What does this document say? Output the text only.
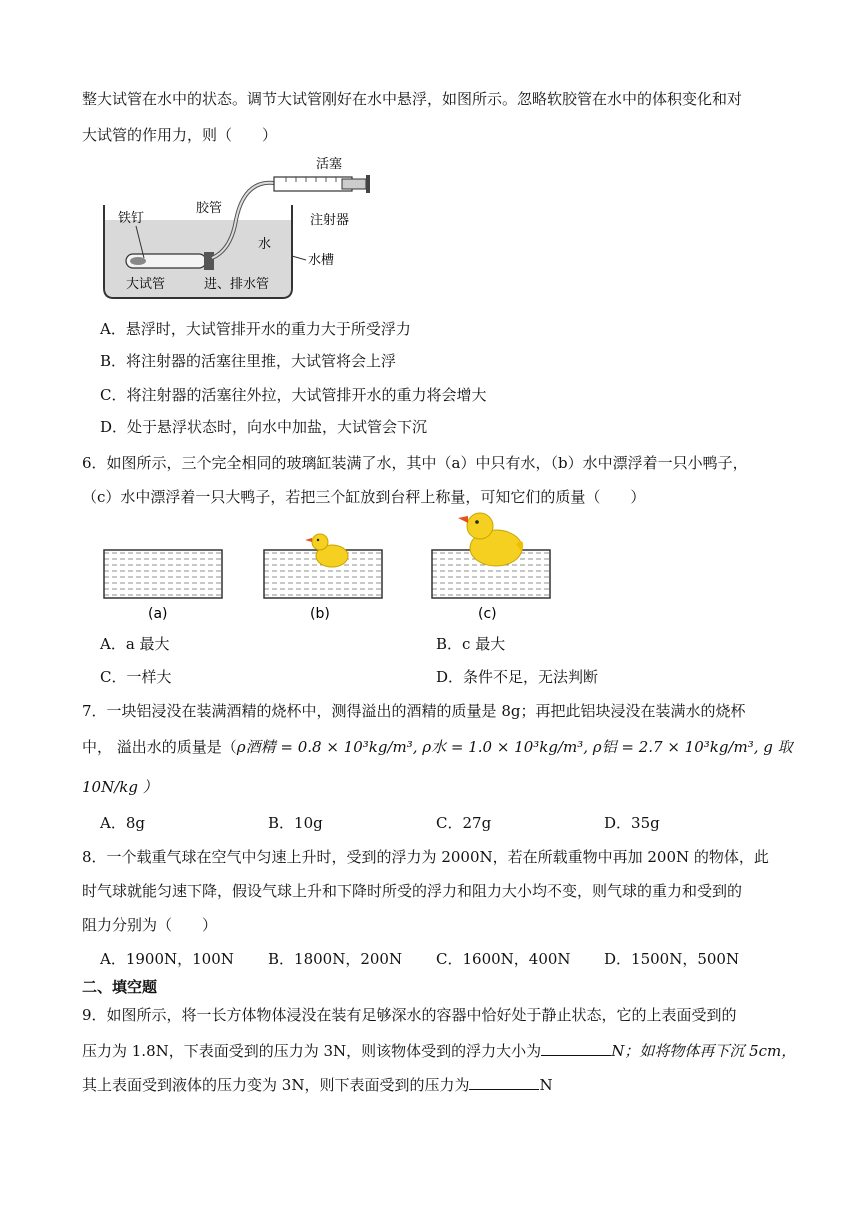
整大试管在水中的状态。调节大试管刚好在水中悬浮，如图所示。忽略软胶管在水中的体积变化和对
大试管的作用力，则（　　）
活塞
胶管
铁钉	注射器
水
水槽
大试管	进、排水管
A．悬浮时，大试管排开水的重力大于所受浮力
B．将注射器的活塞往里推，大试管将会上浮
C．将注射器的活塞往外拉，大试管排开水的重力将会增大
D．处于悬浮状态时，向水中加盐，大试管会下沉
6．如图所示，三个完全相同的玻璃缸装满了水，其中（a）中只有水，（b）水中漂浮着一只小鸭子，
（c）水中漂浮着一只大鸭子，若把三个缸放到台秤上称量，可知它们的质量（　　）
(a)	(b)	(c)
A．a 最大	B．c 最大
C．一样大	D．条件不足，无法判断
7．一块铝浸没在装满酒精的烧杯中，测得溢出的酒精的质量是 8g；再把此铝块浸没在装满水的烧杯
中， 溢出水的质量是（ρ酒精 = 0.8 × 10³kg/m³, ρ水 = 1.0 × 10³kg/m³, ρ铝 = 2.7 × 10³kg/m³, g 取
10N/kg ）
A．8g	B．10g	C．27g	D．35g
8．一个载重气球在空气中匀速上升时，受到的浮力为 2000N，若在所载重物中再加 200N 的物体，此
时气球就能匀速下降，假设气球上升和下降时所受的浮力和阻力大小均不变，则气球的重力和受到的
阻力分别为（　　）
A．1900N，100N B．1800N，200N C．1600N，400N D．1500N，500N
二、填空题
9．如图所示，将一长方体物体浸没在装有足够深水的容器中恰好处于静止状态，它的上表面受到的
压力为 1.8N，下表面受到的压力为 3N，则该物体受到的浮力大小为	N；如将物体再下沉 5cm，
其上表面受到液体的压力变为 3N，则下表面受到的压力为	N
